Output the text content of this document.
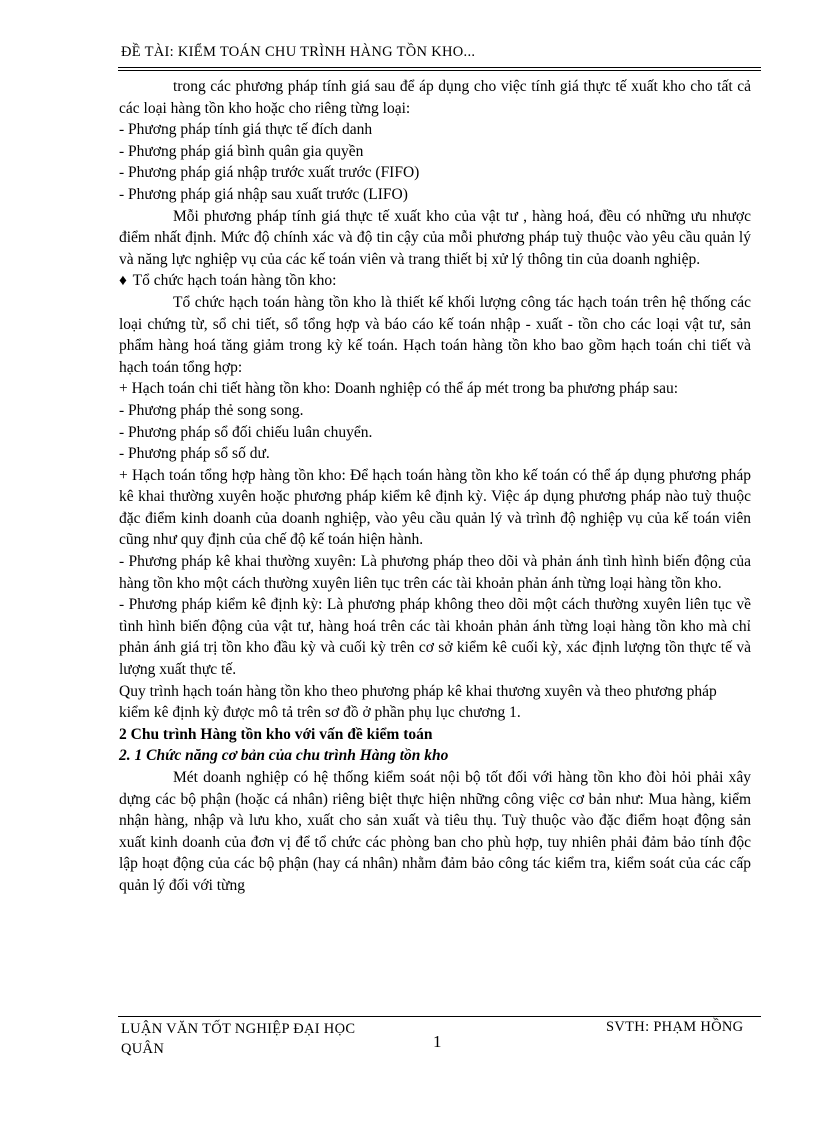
ĐỀ TÀI: KIỂM TOÁN CHU TRÌNH HÀNG TỒN KHO...

trong các phương pháp tính giá sau để áp dụng cho việc tính giá thực tế xuất kho cho tất cả các loại hàng tồn kho hoặc cho riêng từng loại:

- Phương pháp tính giá thực tế đích danh

- Phương pháp giá bình quân gia quyền

- Phương pháp giá nhập trước xuất trước (FIFO)

- Phương pháp giá nhập sau xuất trước (LIFO)

Mỗi phương pháp tính giá thực tế xuất kho của vật tư , hàng hoá, đều có những ưu nhược điểm nhất định. Mức độ chính xác và độ tin cậy của mỗi phương pháp tuỳ thuộc vào yêu cầu quản lý và năng lực nghiệp vụ của các kế toán viên và trang thiết bị xử lý thông tin của doanh nghiệp.

♦ Tổ chức hạch toán hàng tồn kho:

Tổ chức hạch toán hàng tồn kho là thiết kế khối lượng công tác hạch toán trên hệ thống các loại chứng từ, sổ chi tiết, sổ tổng hợp và báo cáo kế toán nhập - xuất - tồn cho các loại vật tư, sản phẩm hàng hoá tăng giảm trong kỳ kế toán. Hạch toán hàng tồn kho bao gồm hạch toán chi tiết và hạch toán tổng hợp:

+ Hạch toán chi tiết hàng tồn kho: Doanh nghiệp có thể áp mét trong ba phương pháp sau:

- Phương pháp thẻ song song.

- Phương pháp sổ đối chiếu luân chuyển.

- Phương pháp sổ số dư.

+ Hạch toán tổng hợp hàng tồn kho: Để hạch toán hàng tồn kho kế toán có thể áp dụng phương pháp kê khai thường xuyên hoặc phương pháp kiểm kê định kỳ. Việc áp dụng phương pháp nào tuỳ thuộc đặc điểm kinh doanh của doanh nghiệp, vào yêu cầu quản lý và trình độ nghiệp vụ của kế toán viên cũng như quy định của chế độ kế toán hiện hành.

- Phương pháp kê khai thường xuyên: Là phương pháp theo dõi và phản ánh tình hình biến động của hàng tồn kho một cách thường xuyên liên tục trên các tài khoản phản ánh từng loại hàng tồn kho.

- Phương pháp kiểm kê định kỳ: Là phương pháp không theo dõi một cách thường xuyên liên tục về tình hình biến động của vật tư, hàng hoá trên các tài khoản phản ánh từng loại hàng tồn kho mà chỉ phản ánh giá trị tồn kho đầu kỳ và cuối kỳ trên cơ sở kiểm kê cuối kỳ, xác định lượng tồn thực tế và lượng xuất thực tế.

Quy trình hạch toán hàng tồn kho theo phương pháp kê khai thương xuyên và theo phương pháp kiểm kê định kỳ được mô tả trên sơ đồ ở phần phụ lục chương 1.

2 Chu trình Hàng tồn kho với vấn đề kiểm toán

2. 1 Chức năng cơ bản của chu trình Hàng tồn kho

Mét doanh nghiệp có hệ thống kiểm soát nội bộ tốt đối với hàng tồn kho đòi hỏi phải xây dựng các bộ phận (hoặc cá nhân) riêng biệt thực hiện những công việc cơ bản như: Mua hàng, kiểm nhận hàng, nhập và lưu kho, xuất cho sản xuất và tiêu thụ. Tuỳ thuộc vào đặc điểm hoạt động sản xuất kinh doanh của đơn vị để tổ chức các phòng ban cho phù hợp, tuy nhiên phải đảm bảo tính độc lập hoạt động của các bộ phận (hay cá nhân) nhằm đảm bảo công tác kiểm tra, kiểm soát của các cấp quản lý đối với từng

LUẬN VĂN TỐT NGHIỆP ĐẠI HỌC QUÂN	1
SVTH: PHẠM HỒNG
